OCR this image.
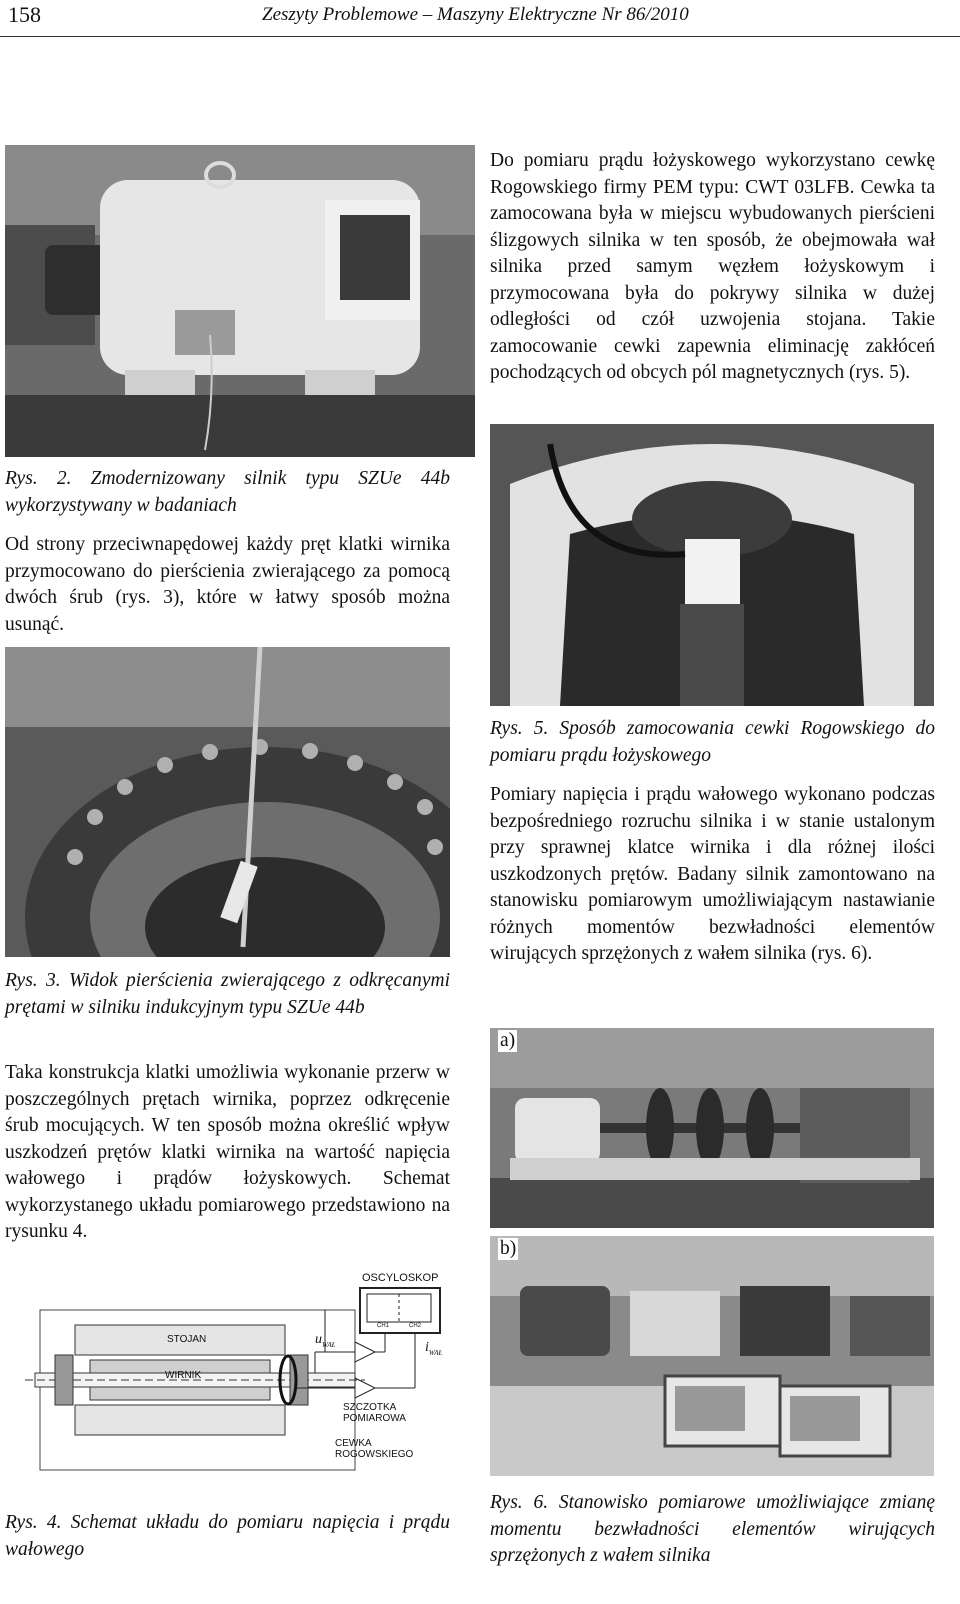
158	Zeszyty Problemowe – Maszyny Elektryczne Nr 86/2010

Do pomiaru prądu łożyskowego wykorzystano cewkę Rogowskiego firmy PEM typu: CWT 03LFB. Cewka ta zamocowana była w miejscu wybudowanych pierścieni ślizgowych silnika w ten sposób, że obejmowała wał silnika przed samym węzłem łożyskowym i przymocowana była do pokrywy silnika w dużej odległości od czół uzwojenia stojana. Takie zamocowanie cewki zapewnia eliminację zakłóceń pochodzących od obcych pól magnetycznych (rys. 5).

Rys. 2. Zmodernizowany silnik typu SZUe 44b wykorzystywany w badaniach

Od strony przeciwnapędowej każdy pręt klatki wirnika przymocowano do pierścienia zwierającego za pomocą dwóch śrub (rys. 3), które w łatwy sposób można usunąć.

Rys. 5. Sposób zamocowania cewki Rogowskiego do pomiaru prądu łożyskowego

Pomiary napięcia i prądu wałowego wykonano podczas bezpośredniego rozruchu silnika i w stanie ustalonym przy sprawnej klatce wirnika i dla różnej ilości uszkodzonych prętów. Badany silnik zamontowano na stanowisku pomiarowym umożliwiającym nastawianie różnych momentów bezwładności elementów wirujących sprzężonych z wałem silnika (rys. 6).

Rys. 3. Widok pierścienia zwierającego z odkręcanymi prętami w silniku indukcyjnym typu SZUe 44b

Taka konstrukcja klatki umożliwia wykonanie przerw w poszczególnych prętach wirnika, poprzez odkręcenie śrub mocujących. W ten sposób można określić wpływ uszkodzeń prętów klatki wirnika na wartość napięcia wałowego i prądów łożyskowych. Schemat wykorzystanego układu pomiarowego przedstawiono na rysunku 4.

a)
b)

Rys. 6. Stanowisko pomiarowe umożliwiające zmianę momentu bezwładności elementów wirujących sprzężonych z wałem silnika

OSCYLOSKOP
CH1	CH2
STOJAN
WIRNIK
$u_{WAŁ}$	$i_{WAŁ}$
SZCZOTKA POMIAROWA
CEWKA ROGOWSKIEGO

Rys. 4. Schemat układu do pomiaru napięcia i prądu wałowego
